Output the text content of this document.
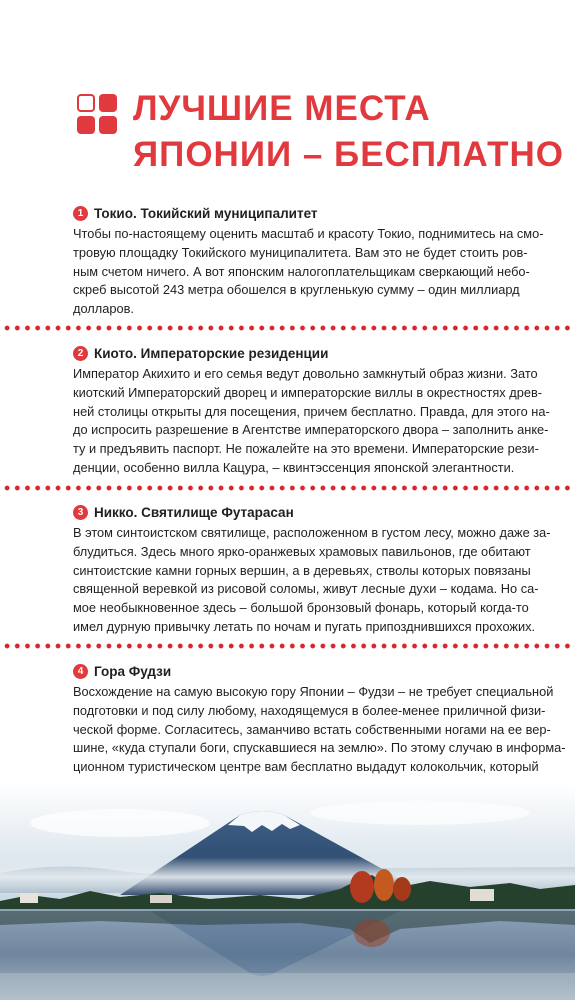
ЛУЧШИЕ МЕСТА
ЯПОНИИ – БЕСПЛАТНО
1 Токио. Токийский муниципалитет
Чтобы по-настоящему оценить масштаб и красоту Токио, поднимитесь на смо-
тровую площадку Токийского муниципалитета. Вам это не будет стоить ров-
ным счетом ничего. А вот японским налогоплательщикам сверкающий небо-
скреб высотой 243 метра обошелся в кругленькую сумму – один миллиард
долларов.
2 Киото. Императорские резиденции
Император Акихито и его семья ведут довольно замкнутый образ жизни. Зато
киотский Императорский дворец и императорские виллы в окрестностях древ-
ней столицы открыты для посещения, причем бесплатно. Правда, для этого на-
до испросить разрешение в Агентстве императорского двора – заполнить анке-
ту и предъявить паспорт. Не пожалейте на это времени. Императорские рези-
денции, особенно вилла Кацура, – квинтэссенция японской элегантности.
3 Никко. Святилище Футарасан
В этом синтоистском святилище, расположенном в густом лесу, можно даже за-
блудиться. Здесь много ярко-оранжевых храмовых павильонов, где обитают
синтоистские камни горных вершин, а в деревьях, стволы которых повязаны
священной веревкой из рисовой соломы, живут лесные духи – кодама. Но са-
мое необыкновенное здесь – большой бронзовый фонарь, который когда-то
имел дурную привычку летать по ночам и пугать припозднившихся прохожих.
4 Гора Фудзи
Восхождение на самую высокую гору Японии – Фудзи – не требует специальной
подготовки и под силу любому, находящемуся в более-менее приличной физи-
ческой форме. Согласитесь, заманчиво встать собственными ногами на ее вер-
шине, «куда ступали боги, спускавшиеся на землю». По этому случаю в информа-
ционном туристическом центре вам бесплатно выдадут колокольчик, который
